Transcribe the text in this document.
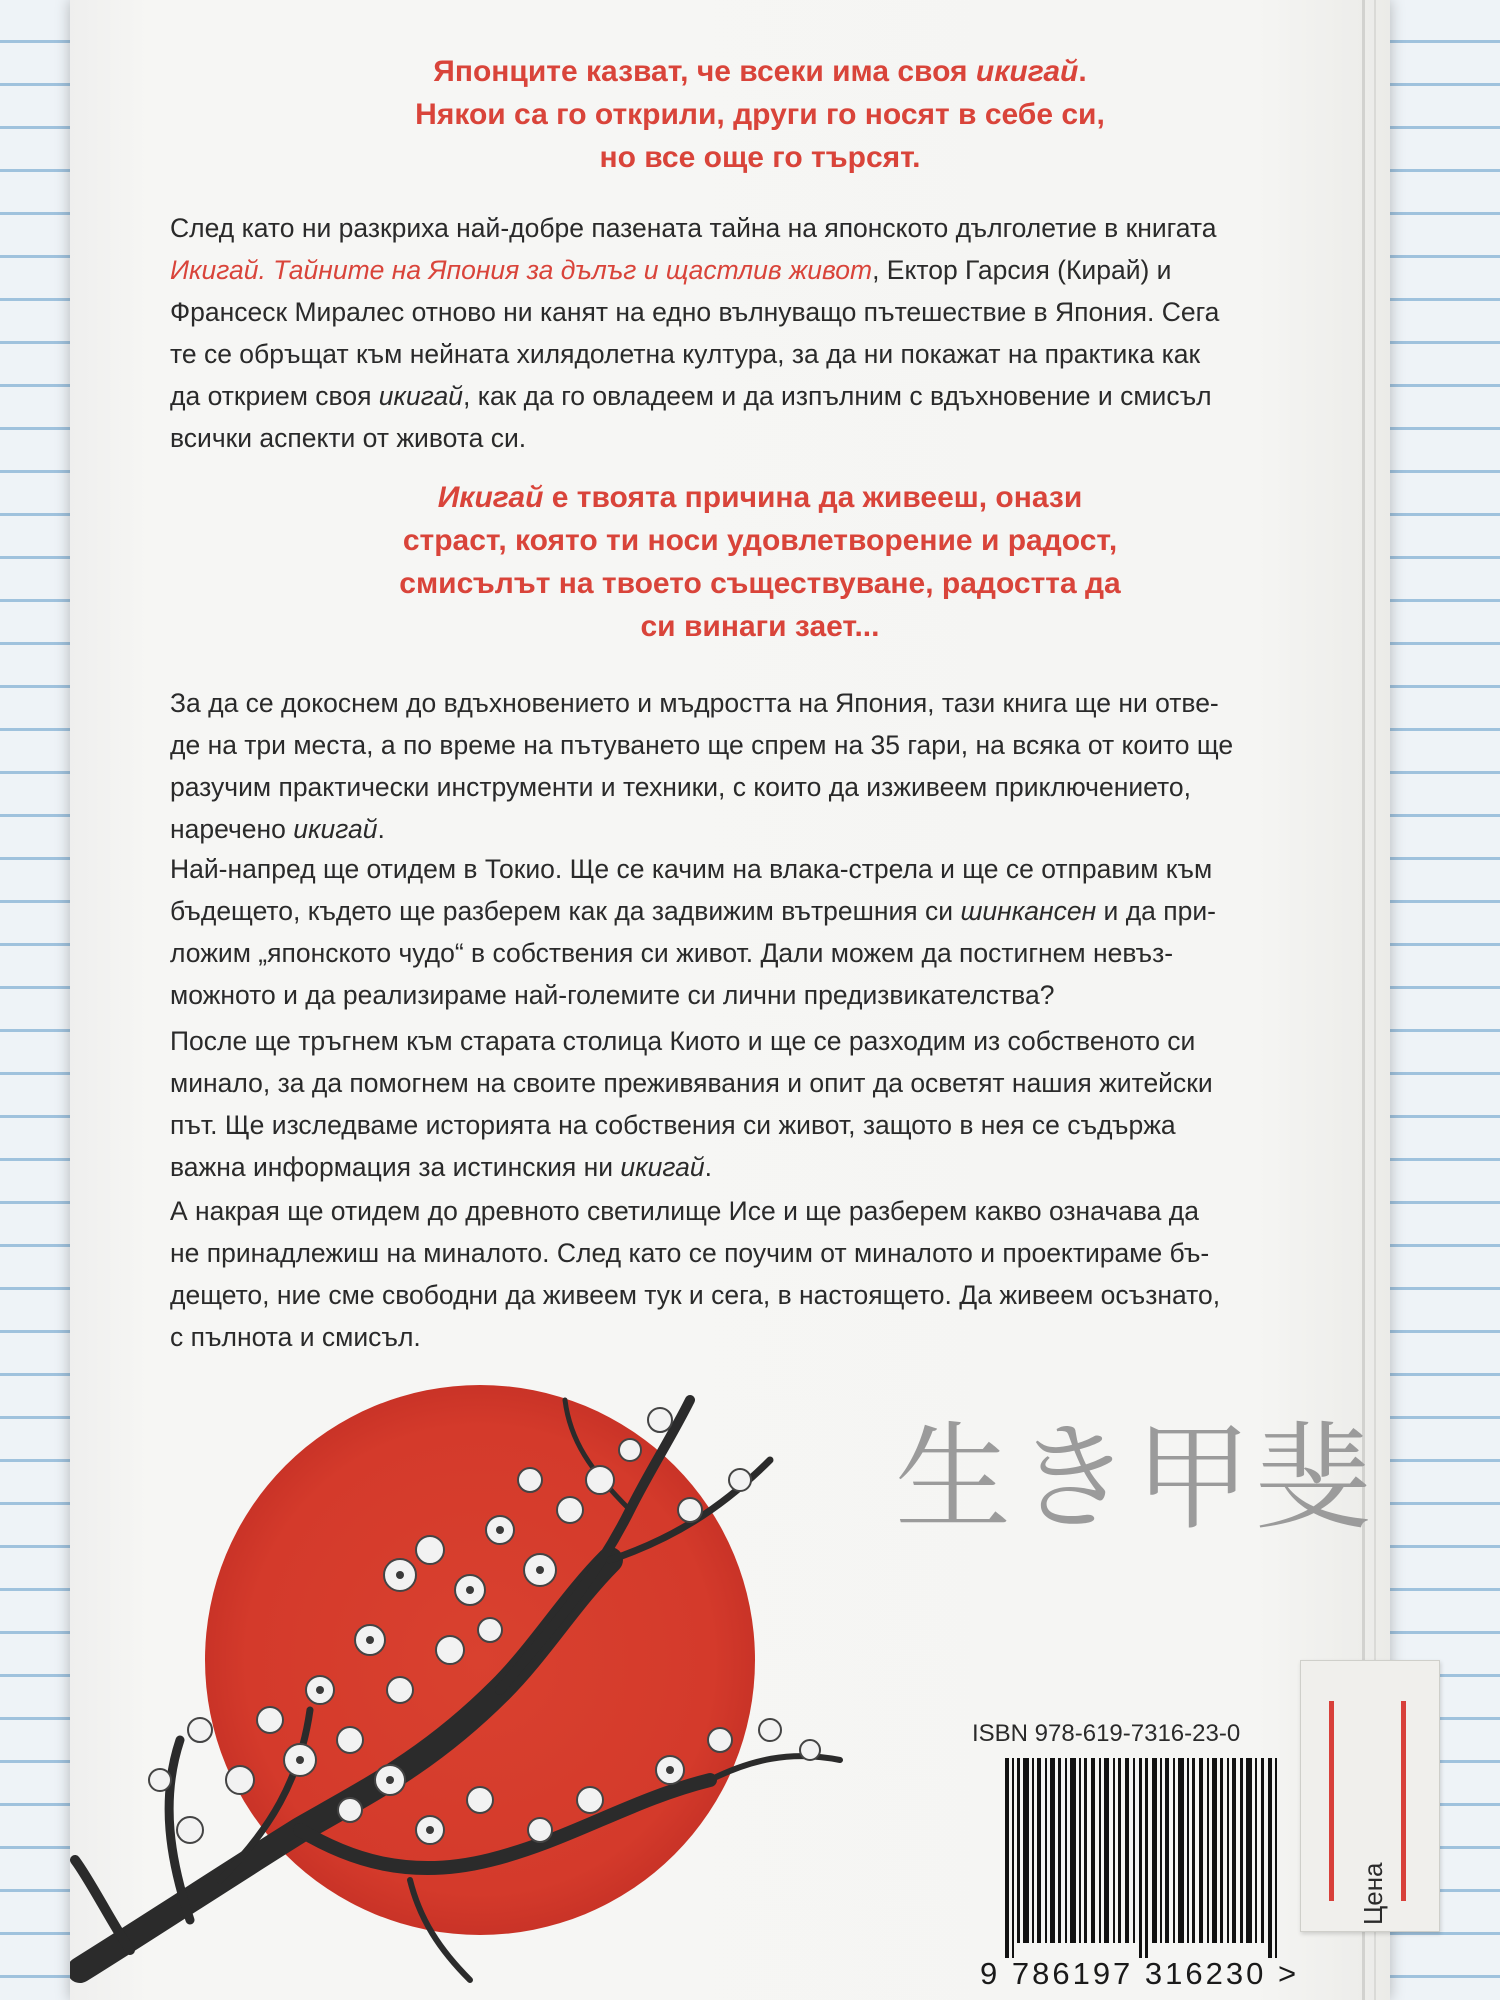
Японците казват, че всеки има своя икигай.
Някои са го открили, други го носят в себе си,
но все още го търсят.
След като ни разкриха най-добре пазената тайна на японското дълголетие в книгата
Икигай. Тайните на Япония за дълъг и щастлив живот, Ектор Гарсия (Кирай) и
Франсеск Миралес отново ни канят на едно вълнуващо пътешествие в Япония. Сега
те се обръщат към нейната хилядолетна култура, за да ни покажат на практика как
да открием своя икигай, как да го овладеем и да изпълним с вдъхновение и смисъл
всички аспекти от живота си.
Икигай е твоята причина да живееш, онази
страст, която ти носи удовлетворение и радост,
смисълът на твоето съществуване, радостта да
си винаги зает...
За да се докоснем до вдъхновението и мъдростта на Япония, тази книга ще ни отве-
де на три места, а по време на пътуването ще спрем на 35 гари, на всяка от които ще
разучим практически инструменти и техники, с които да изживеем приключението,
наречено икигай.
Най-напред ще отидем в Токио. Ще се качим на влака-стрела и ще се отправим към
бъдещето, където ще разберем как да задвижим вътрешния си шинкансен и да при-
ложим „японското чудо“ в собствения си живот. Дали можем да постигнем невъз-
можното и да реализираме най-големите си лични предизвикателства?
После ще тръгнем към старата столица Киото и ще се разходим из собственото си
минало, за да помогнем на своите преживявания и опит да осветят нашия житейски
път. Ще изследваме историята на собствения си живот, защото в нея се съдържа
важна информация за истинския ни икигай.
А накрая ще отидем до древното светилище Исе и ще разберем какво означава да
не принадлежиш на миналото. След като се поучим от миналото и проектираме бъ-
дещето, ние сме свободни да живеем тук и сега, в настоящето. Да живеем осъзнато,
с пълнота и смисъл.
生き甲斐
ISBN 978-619-7316-23-0
9 786197 316230 >
Цена
